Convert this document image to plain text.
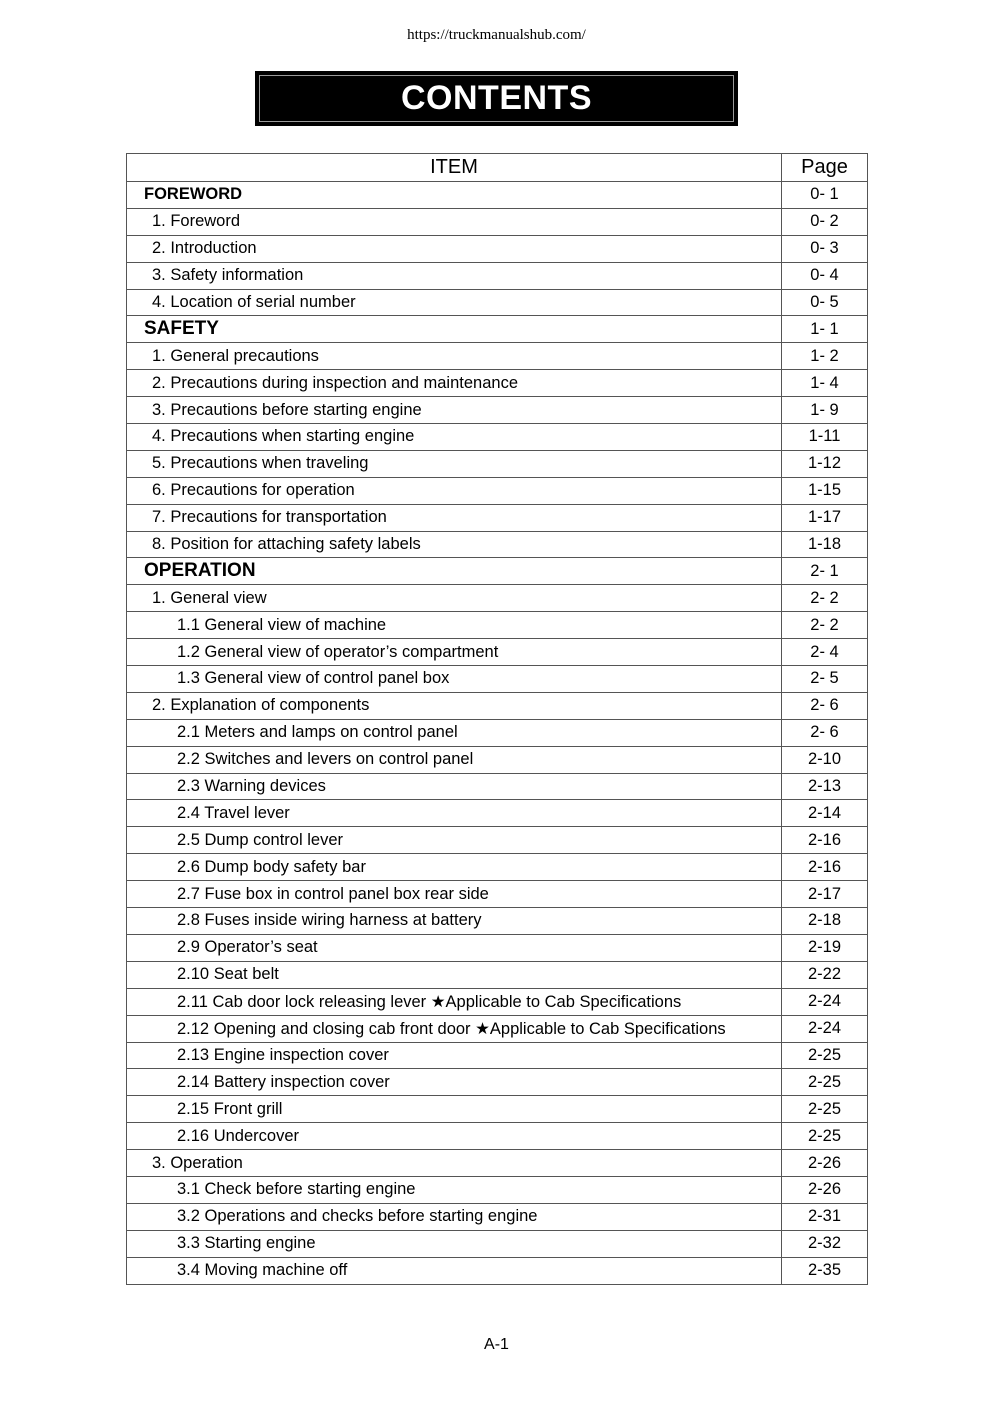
https://truckmanualshub.com/
CONTENTS
ITEM	Page
FOREWORD	0- 1
1. Foreword	0- 2
2. Introduction	0- 3
3. Safety information	0- 4
4. Location of serial number	0- 5
SAFETY	1- 1
1. General precautions	1- 2
2. Precautions during inspection and maintenance	1- 4
3. Precautions before starting engine	1- 9
4. Precautions when starting engine	1-11
5. Precautions when traveling	1-12
6. Precautions for operation	1-15
7. Precautions for transportation	1-17
8. Position for attaching safety labels	1-18
OPERATION	2- 1
1. General view	2- 2
1.1 General view of machine	2- 2
1.2 General view of operator’s compartment	2- 4
1.3 General view of control panel box	2- 5
2. Explanation of components	2- 6
2.1 Meters and lamps on control panel	2- 6
2.2 Switches and levers on control panel	2-10
2.3 Warning devices	2-13
2.4 Travel lever	2-14
2.5 Dump control lever	2-16
2.6 Dump body safety bar	2-16
2.7 Fuse box in control panel box rear side	2-17
2.8 Fuses inside wiring harness at battery	2-18
2.9 Operator’s seat	2-19
2.10 Seat belt	2-22
2.11 Cab door lock releasing lever ★Applicable to Cab Specifications	2-24
2.12 Opening and closing cab front door ★Applicable to Cab Specifications	2-24
2.13 Engine inspection cover	2-25
2.14 Battery inspection cover	2-25
2.15 Front grill	2-25
2.16 Undercover	2-25
3. Operation	2-26
3.1 Check before starting engine	2-26
3.2 Operations and checks before starting engine	2-31
3.3 Starting engine	2-32
3.4 Moving machine off	2-35
A-1
